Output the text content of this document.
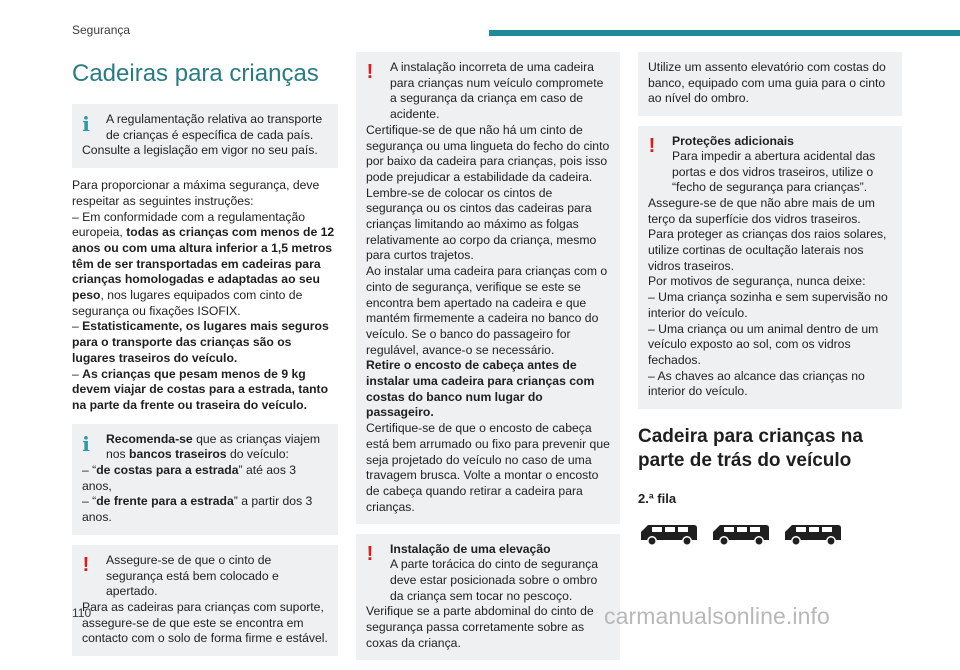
Segurança
Cadeiras para crianças

i A regulamentação relativa ao transporte de crianças é específica de cada país.

Consulte a legislação em vigor no seu país.

Para proporcionar a máxima segurança, deve respeitar as seguintes instruções:

– Em conformidade com a regulamentação europeia, todas as crianças com menos de 12 anos ou com uma altura inferior a 1,5 metros têm de ser transportadas em cadeiras para crianças homologadas e adaptadas ao seu peso, nos lugares equipados com cinto de segurança ou fixações ISOFIX.

– Estatisticamente, os lugares mais seguros para o transporte das crianças são os lugares traseiros do veículo.

– As crianças que pesam menos de 9 kg devem viajar de costas para a estrada, tanto na parte da frente ou traseira do veículo.

i Recomenda-se que as crianças viajem nos bancos traseiros do veículo:

– “de costas para a estrada” até aos 3 anos,

– “de frente para a estrada” a partir dos 3 anos.

! Assegure-se de que o cinto de segurança está bem colocado e apertado.

Para as cadeiras para crianças com suporte, assegure-se de que este se encontra em contacto com o solo de forma firme e estável.

! A instalação incorreta de uma cadeira para crianças num veículo compromete a segurança da criança em caso de acidente.

Certifique-se de que não há um cinto de segurança ou uma lingueta do fecho do cinto por baixo da cadeira para crianças, pois isso pode prejudicar a estabilidade da cadeira.

Lembre-se de colocar os cintos de segurança ou os cintos das cadeiras para crianças limitando ao máximo as folgas relativamente ao corpo da criança, mesmo para curtos trajetos.

Ao instalar uma cadeira para crianças com o cinto de segurança, verifique se este se encontra bem apertado na cadeira e que mantém firmemente a cadeira no banco do veículo. Se o banco do passageiro for regulável, avance-o se necessário.

Retire o encosto de cabeça antes de instalar uma cadeira para crianças com costas do banco num lugar do passageiro.

Certifique-se de que o encosto de cabeça está bem arrumado ou fixo para prevenir que seja projetado do veículo no caso de uma travagem brusca. Volte a montar o encosto de cabeça quando retirar a cadeira para crianças.

! Instalação de uma elevação

A parte torácica do cinto de segurança deve estar posicionada sobre o ombro da criança sem tocar no pescoço.

Verifique se a parte abdominal do cinto de segurança passa corretamente sobre as coxas da criança.

Utilize um assento elevatório com costas do banco, equipado com uma guia para o cinto ao nível do ombro.

! Proteções adicionais

Para impedir a abertura acidental das portas e dos vidros traseiros, utilize o “fecho de segurança para crianças”.

Assegure-se de que não abre mais de um terço da superfície dos vidros traseiros.

Para proteger as crianças dos raios solares, utilize cortinas de ocultação laterais nos vidros traseiros.

Por motivos de segurança, nunca deixe:

– Uma criança sozinha e sem supervisão no interior do veículo.

– Uma criança ou um animal dentro de um veículo exposto ao sol, com os vidros fechados.

– As chaves ao alcance das crianças no interior do veículo.

Cadeira para crianças na parte de trás do veículo
2.ª fila
110	carmanualsonline.info
